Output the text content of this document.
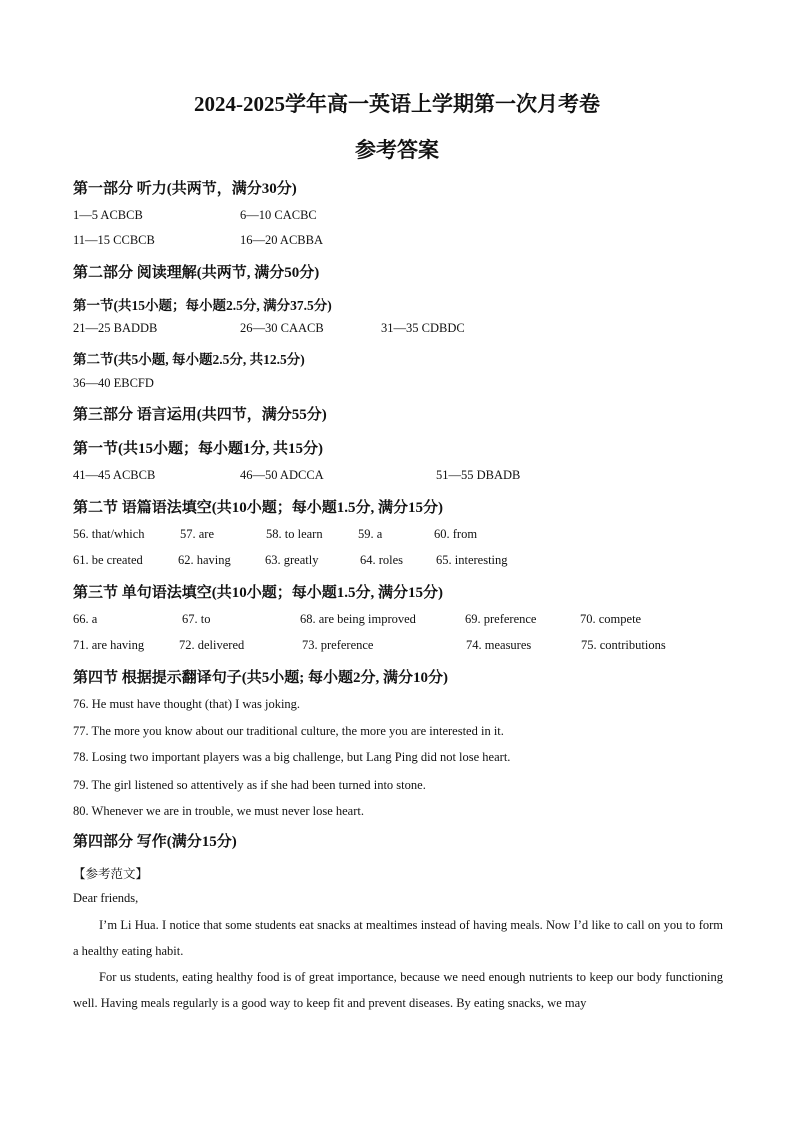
2024-2025学年高一英语上学期第一次月考卷
参考答案
第一部分 听力(共两节，满分30分)
1—5 ACBCB	6—10 CACBC
11—15 CCBCB	16—20 ACBBA
第二部分 阅读理解(共两节, 满分50分)
第一节(共15小题；每小题2.5分, 满分37.5分)
21—25 BADDB	26—30 CAACB	31—35 CDBDC
第二节(共5小题, 每小题2.5分, 共12.5分)
36—40 EBCFD
第三部分 语言运用(共四节，满分55分)
第一节(共15小题；每小题1分, 共15分)
41—45 ACBCB	46—50 ADCCA	51—55 DBADB
第二节 语篇语法填空(共10小题；每小题1.5分, 满分15分)
56. that/which	57. are	58. to learn	59. a	60. from
61. be created	62. having	63. greatly	64. roles	65. interesting
第三节 单句语法填空(共10小题；每小题1.5分, 满分15分)
66. a	67. to	68. are being improved	69. preference	70. compete
71. are having	72. delivered	73. preference	74. measures	75. contributions
第四节 根据提示翻译句子(共5小题; 每小题2分, 满分10分)
76. He must have thought (that) I was joking.
77. The more you know about our traditional culture, the more you are interested in it.
78. Losing two important players was a big challenge, but Lang Ping did not lose heart.
79. The girl listened so attentively as if she had been turned into stone.
80. Whenever we are in trouble, we must never lose heart.
第四部分 写作(满分15分)
【参考范文】
Dear friends,

I’m Li Hua. I notice that some students eat snacks at mealtimes instead of having meals. Now I’d like to call on you to form a healthy eating habit.

For us students, eating healthy food is of great importance, because we need enough nutrients to keep our body functioning well. Having meals regularly is a good way to keep fit and prevent diseases. By eating snacks, we may
